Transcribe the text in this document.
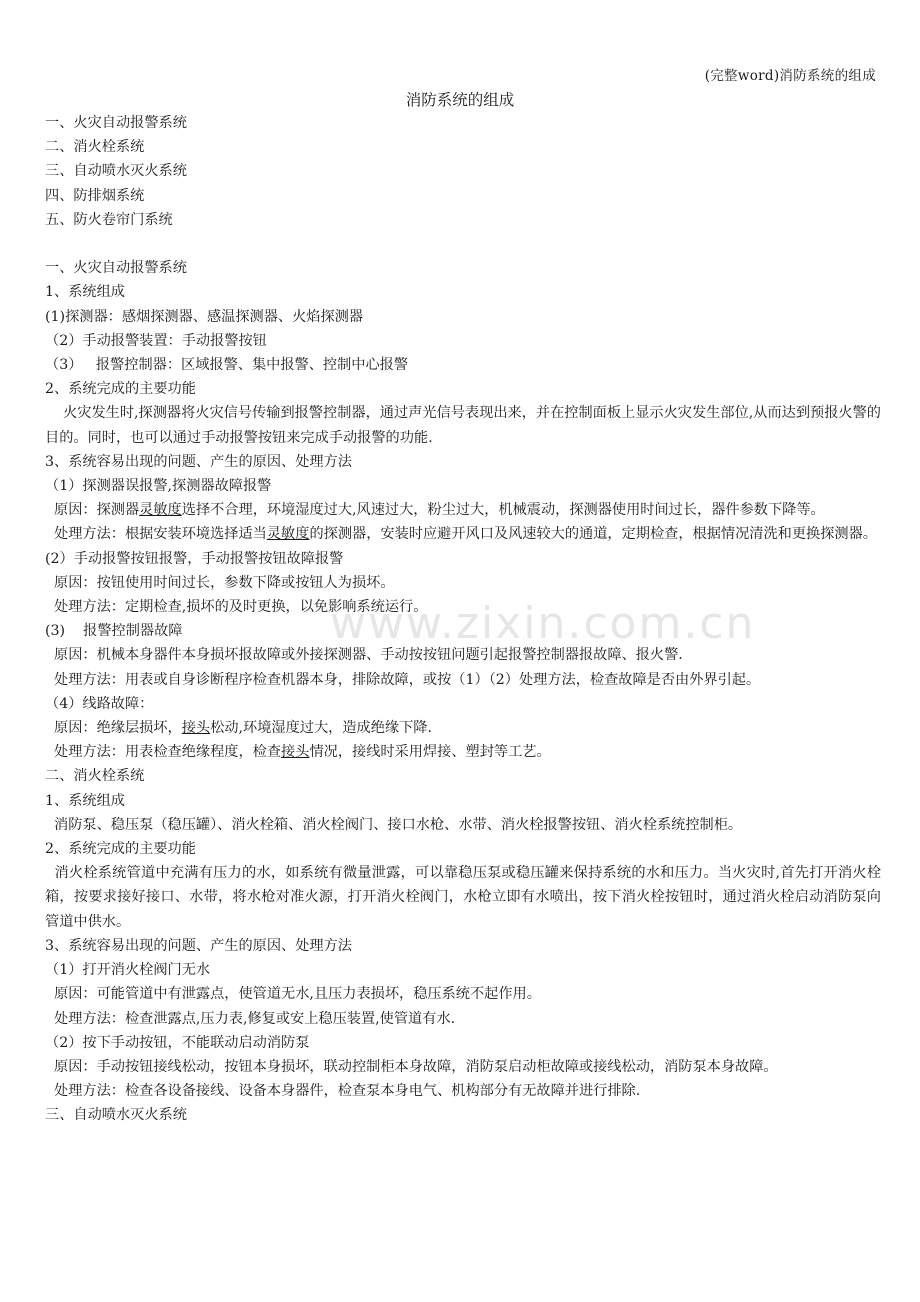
www.zixin.com.cn
(完整word)消防系统的组成
消防系统的组成
一、火灾自动报警系统
二、消火栓系统
三、自动喷水灭火系统
四、防排烟系统
五、防火卷帘门系统
一、火灾自动报警系统
1、系统组成
(1)探测器：感烟探测器、感温探测器、火焰探测器
（2）手动报警装置：手动报警按钮
（3）   报警控制器：区域报警、集中报警、控制中心报警
2、系统完成的主要功能
火灾发生时,探测器将火灾信号传输到报警控制器，通过声光信号表现出来，并在控制面板上显示火灾发生部位,从而达到预报火警的目的。同时，也可以通过手动报警按钮来完成手动报警的功能.
3、系统容易出现的问题、产生的原因、处理方法
（1）探测器误报警,探测器故障报警
原因：探测器灵敏度选择不合理，环境湿度过大,风速过大，粉尘过大，机械震动，探测器使用时间过长，器件参数下降等。
处理方法：根据安装环境选择适当灵敏度的探测器，安装时应避开风口及风速较大的通道，定期检查，根据情况清洗和更换探测器。
(2）手动报警按钮报警，手动报警按钮故障报警
原因：按钮使用时间过长，参数下降或按钮人为损坏。
处理方法：定期检查,损坏的及时更换，以免影响系统运行。
(3)    报警控制器故障
原因：机械本身器件本身损坏报故障或外接探测器、手动按按钮问题引起报警控制器报故障、报火警.
处理方法：用表或自身诊断程序检查机器本身，排除故障，或按（1）（2）处理方法，检查故障是否由外界引起。
（4）线路故障：
原因：绝缘层损坏，接头松动,环境湿度过大，造成绝缘下降.
处理方法：用表检查绝缘程度，检查接头情况，接线时采用焊接、塑封等工艺。
二、消火栓系统
1、系统组成
消防泵、稳压泵（稳压罐）、消火栓箱、消火栓阀门、接口水枪、水带、消火栓报警按钮、消火栓系统控制柜。
2、系统完成的主要功能
消火栓系统管道中充满有压力的水，如系统有微量泄露，可以靠稳压泵或稳压罐来保持系统的水和压力。当火灾时,首先打开消火栓箱，按要求接好接口、水带，将水枪对准火源，打开消火栓阀门，水枪立即有水喷出，按下消火栓按钮时，通过消火栓启动消防泵向管道中供水。
3、系统容易出现的问题、产生的原因、处理方法
（1）打开消火栓阀门无水
原因：可能管道中有泄露点，使管道无水,且压力表损坏，稳压系统不起作用。
处理方法：检查泄露点,压力表,修复或安上稳压装置,使管道有水.
（2）按下手动按钮，不能联动启动消防泵
原因：手动按钮接线松动，按钮本身损坏，联动控制柜本身故障，消防泵启动柜故障或接线松动，消防泵本身故障。
处理方法：检查各设备接线、设备本身器件，检查泵本身电气、机构部分有无故障并进行排除.
三、自动喷水灭火系统
